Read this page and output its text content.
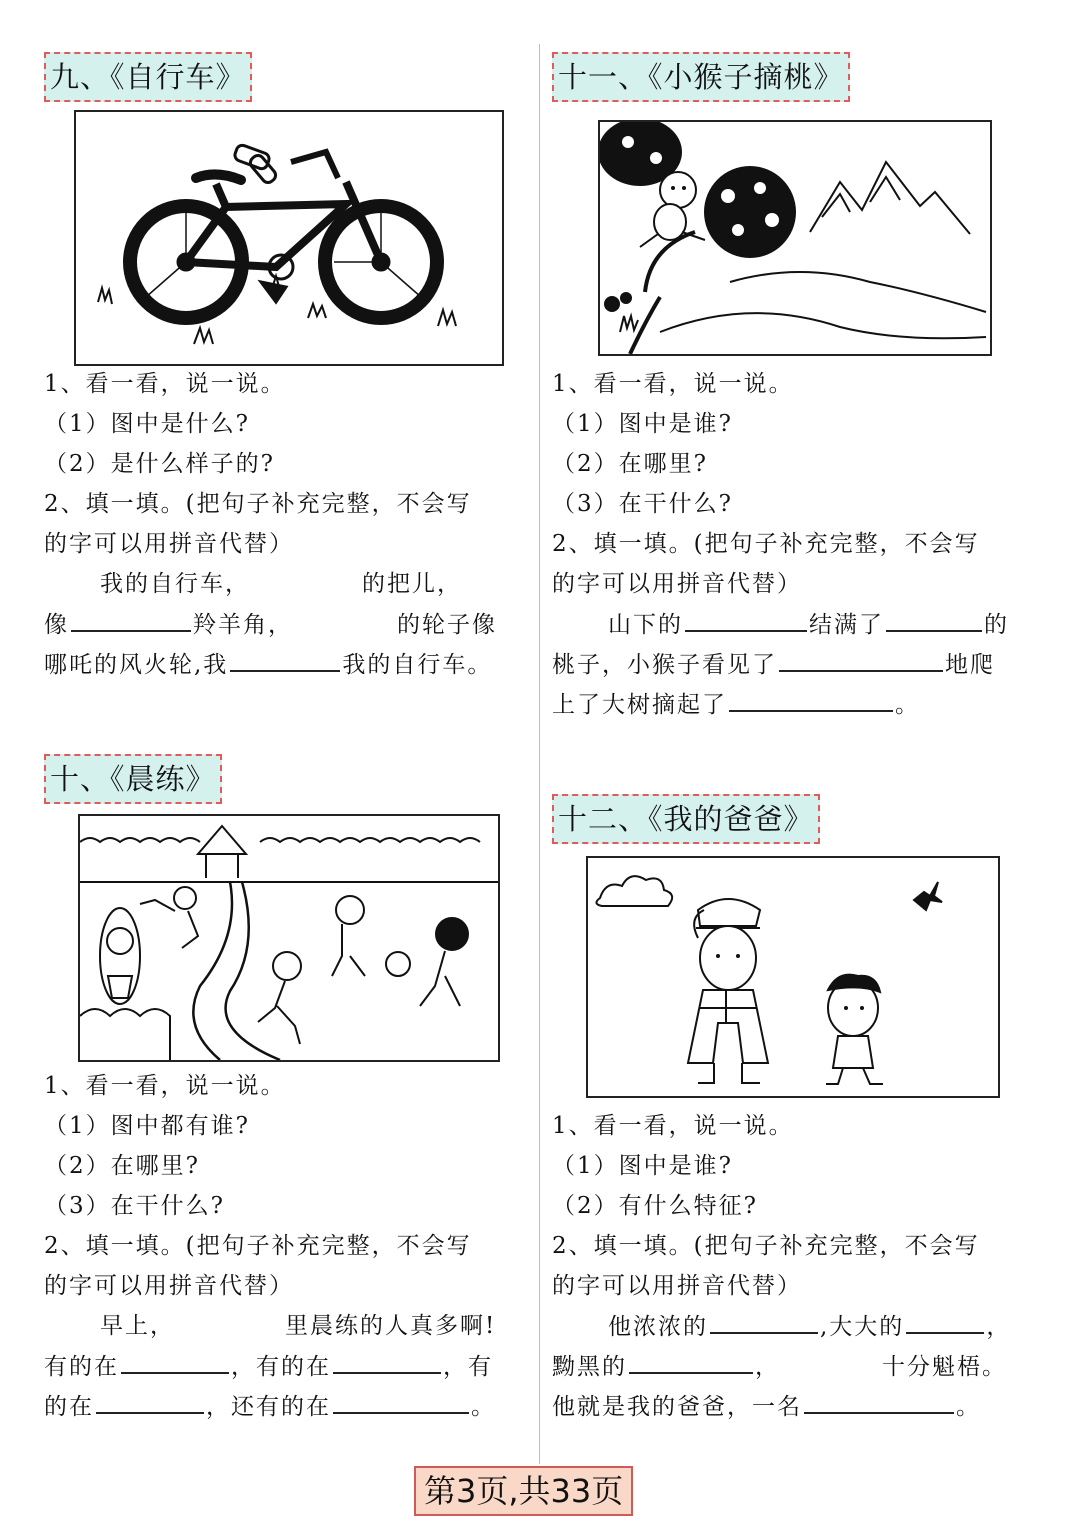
九、《自行车》
1、看一看，说一说。
（1）图中是什么?
（2）是什么样子的?
2、填一填。(把句子补充完整，不会写
的字可以用拼音代替）
我的自行车，	的把儿，
像	羚羊角，	的轮子像
哪吒的风火轮,我	我的自行车。
十一、《小猴子摘桃》
1、看一看，说一说。
（1）图中是谁?
（2）在哪里?
（3）在干什么?
2、填一填。(把句子补充完整，不会写
的字可以用拼音代替）
山下的	结满了	的
桃子，小猴子看见了	地爬
上了大树摘起了	。
十、《晨练》
1、看一看，说一说。
（1）图中都有谁?
（2）在哪里?
（3）在干什么?
2、填一填。(把句子补充完整，不会写
的字可以用拼音代替）
早上，	里晨练的人真多啊!
有的在	，有的在	，有
的在	，还有的在	。
十二、《我的爸爸》
1、看一看，说一说。
（1）图中是谁?
（2）有什么特征?
2、填一填。(把句子补充完整，不会写
的字可以用拼音代替）
他浓浓的	,大大的	，
黝黑的	，	十分魁梧。
他就是我的爸爸，一名	。
第3页,共33页
